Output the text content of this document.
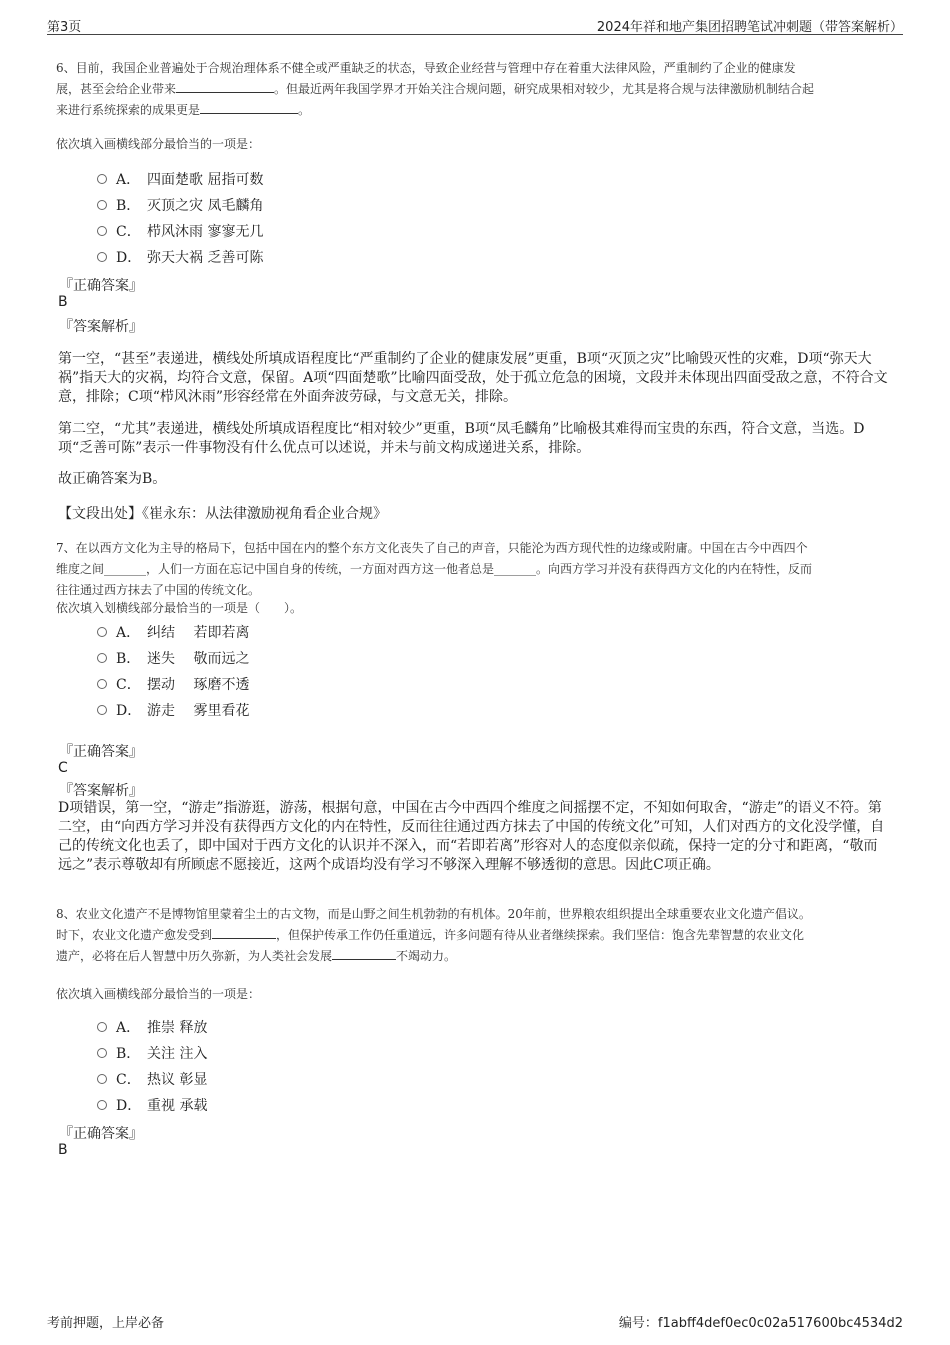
第3页	2024年祥和地产集团招聘笔试冲刺题（带答案解析）
6、目前，我国企业普遍处于合规治理体系不健全或严重缺乏的状态，导致企业经营与管理中存在着重大法律风险，严重制约了企业的健康发
展，甚至会给企业带来	。但最近两年我国学界才开始关注合规问题，研究成果相对较少，尤其是将合规与法律激励机制结合起
来进行系统探索的成果更是	。
依次填入画横线部分最恰当的一项是：
A． 四面楚歌 屈指可数
B． 灭顶之灾 凤毛麟角
C． 栉风沐雨 寥寥无几
D． 弥天大祸 乏善可陈
『正确答案』
B
『答案解析』
第一空，“甚至”表递进，横线处所填成语程度比“严重制约了企业的健康发展”更重，B项“灭顶之灾”比喻毁灭性的灾难，D项“弥天大祸”指天大的灾祸，均符合文意，保留。A项“四面楚歌”比喻四面受敌，处于孤立危急的困境，文段并未体现出四面受敌之意，不符合文意，排除；C项“栉风沐雨”形容经常在外面奔波劳碌，与文意无关，排除。
第二空，“尤其”表递进，横线处所填成语程度比“相对较少”更重，B项“凤毛麟角”比喻极其难得而宝贵的东西，符合文意，当选。D项“乏善可陈”表示一件事物没有什么优点可以述说，并未与前文构成递进关系，排除。
故正确答案为B。
【文段出处】《崔永东：从法律激励视角看企业合规》
7、在以西方文化为主导的格局下，包括中国在内的整个东方文化丧失了自己的声音，只能沦为西方现代性的边缘或附庸。中国在古今中西四个
维度之间_______，人们一方面在忘记中国自身的传统，一方面对西方这一他者总是_______。向西方学习并没有获得西方文化的内在特性，反而
往往通过西方抹去了中国的传统文化。
依次填入划横线部分最恰当的一项是（　　）。
A． 纠结　 若即若离
B． 迷失　 敬而远之
C． 摆动　 琢磨不透
D． 游走　 雾里看花
『正确答案』
C
『答案解析』
D项错误，第一空，“游走”指游逛，游荡，根据句意，中国在古今中西四个维度之间摇摆不定，不知如何取舍，“游走”的语义不符。第二空，由“向西方学习并没有获得西方文化的内在特性，反而往往通过西方抹去了中国的传统文化”可知，人们对西方的文化没学懂，自己的传统文化也丢了，即中国对于西方文化的认识并不深入，而“若即若离”形容对人的态度似亲似疏，保持一定的分寸和距离，“敬而远之”表示尊敬却有所顾虑不愿接近，这两个成语均没有学习不够深入理解不够透彻的意思。因此C项正确。
8、农业文化遗产不是博物馆里蒙着尘土的古文物，而是山野之间生机勃勃的有机体。20年前，世界粮农组织提出全球重要农业文化遗产倡议。
时下，农业文化遗产愈发受到	，但保护传承工作仍任重道远，许多问题有待从业者继续探索。我们坚信：饱含先辈智慧的农业文化
遗产，必将在后人智慧中历久弥新，为人类社会发展	不竭动力。
依次填入画横线部分最恰当的一项是：
A． 推崇 释放
B． 关注 注入
C． 热议 彰显
D． 重视 承载
『正确答案』
B
考前押题，上岸必备	编号：f1abff4def0ec0c02a517600bc4534d2
